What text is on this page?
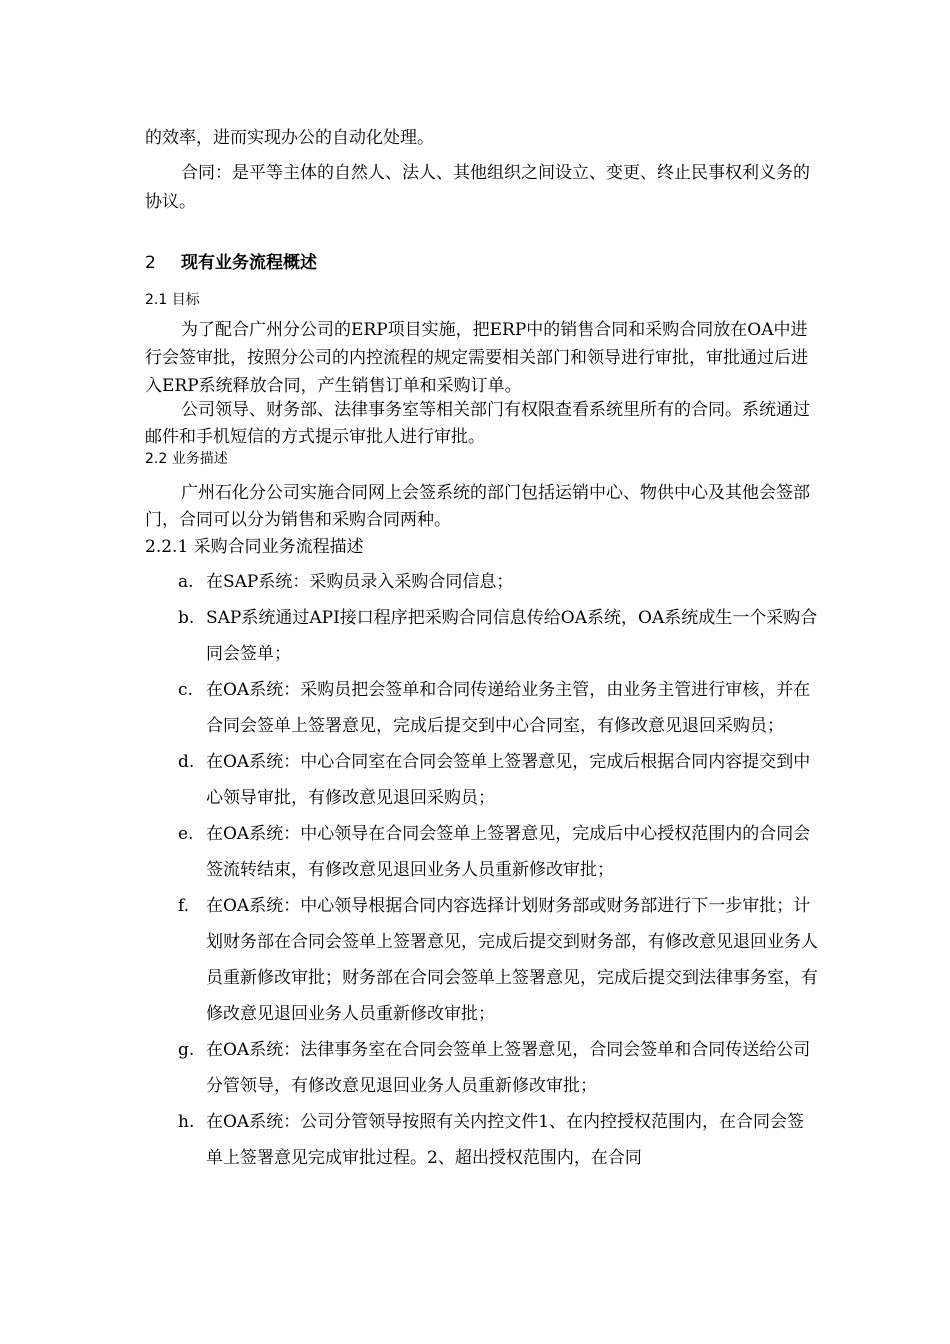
的效率，进而实现办公的自动化处理。

合同：是平等主体的自然人、法人、其他组织之间设立、变更、终止民事权利义务的协议。

2 现有业务流程概述

2.1 目标

为了配合广州分公司的ERP项目实施，把ERP中的销售合同和采购合同放在OA中进行会签审批，按照分公司的内控流程的规定需要相关部门和领导进行审批，审批通过后进入ERP系统释放合同，产生销售订单和采购订单。

公司领导、财务部、法律事务室等相关部门有权限查看系统里所有的合同。系统通过邮件和手机短信的方式提示审批人进行审批。

2.2 业务描述

广州石化分公司实施合同网上会签系统的部门包括运销中心、物供中心及其他会签部门，合同可以分为销售和采购合同两种。

2.2.1 采购合同业务流程描述

a. 在SAP系统：采购员录入采购合同信息；
b. SAP系统通过API接口程序把采购合同信息传给OA系统，OA系统成生一个采购合同会签单；
c. 在OA系统：采购员把会签单和合同传递给业务主管，由业务主管进行审核，并在合同会签单上签署意见，完成后提交到中心合同室，有修改意见退回采购员；
d. 在OA系统：中心合同室在合同会签单上签署意见，完成后根据合同内容提交到中心领导审批，有修改意见退回采购员；
e. 在OA系统：中心领导在合同会签单上签署意见，完成后中心授权范围内的合同会签流转结束，有修改意见退回业务人员重新修改审批；
f. 在OA系统：中心领导根据合同内容选择计划财务部或财务部进行下一步审批；计划财务部在合同会签单上签署意见，完成后提交到财务部，有修改意见退回业务人员重新修改审批；财务部在合同会签单上签署意见，完成后提交到法律事务室，有修改意见退回业务人员重新修改审批；
g. 在OA系统：法律事务室在合同会签单上签署意见，合同会签单和合同传送给公司分管领导，有修改意见退回业务人员重新修改审批；
h. 在OA系统：公司分管领导按照有关内控文件1、在内控授权范围内，在合同会签单上签署意见完成审批过程。2、超出授权范围内，在合同
